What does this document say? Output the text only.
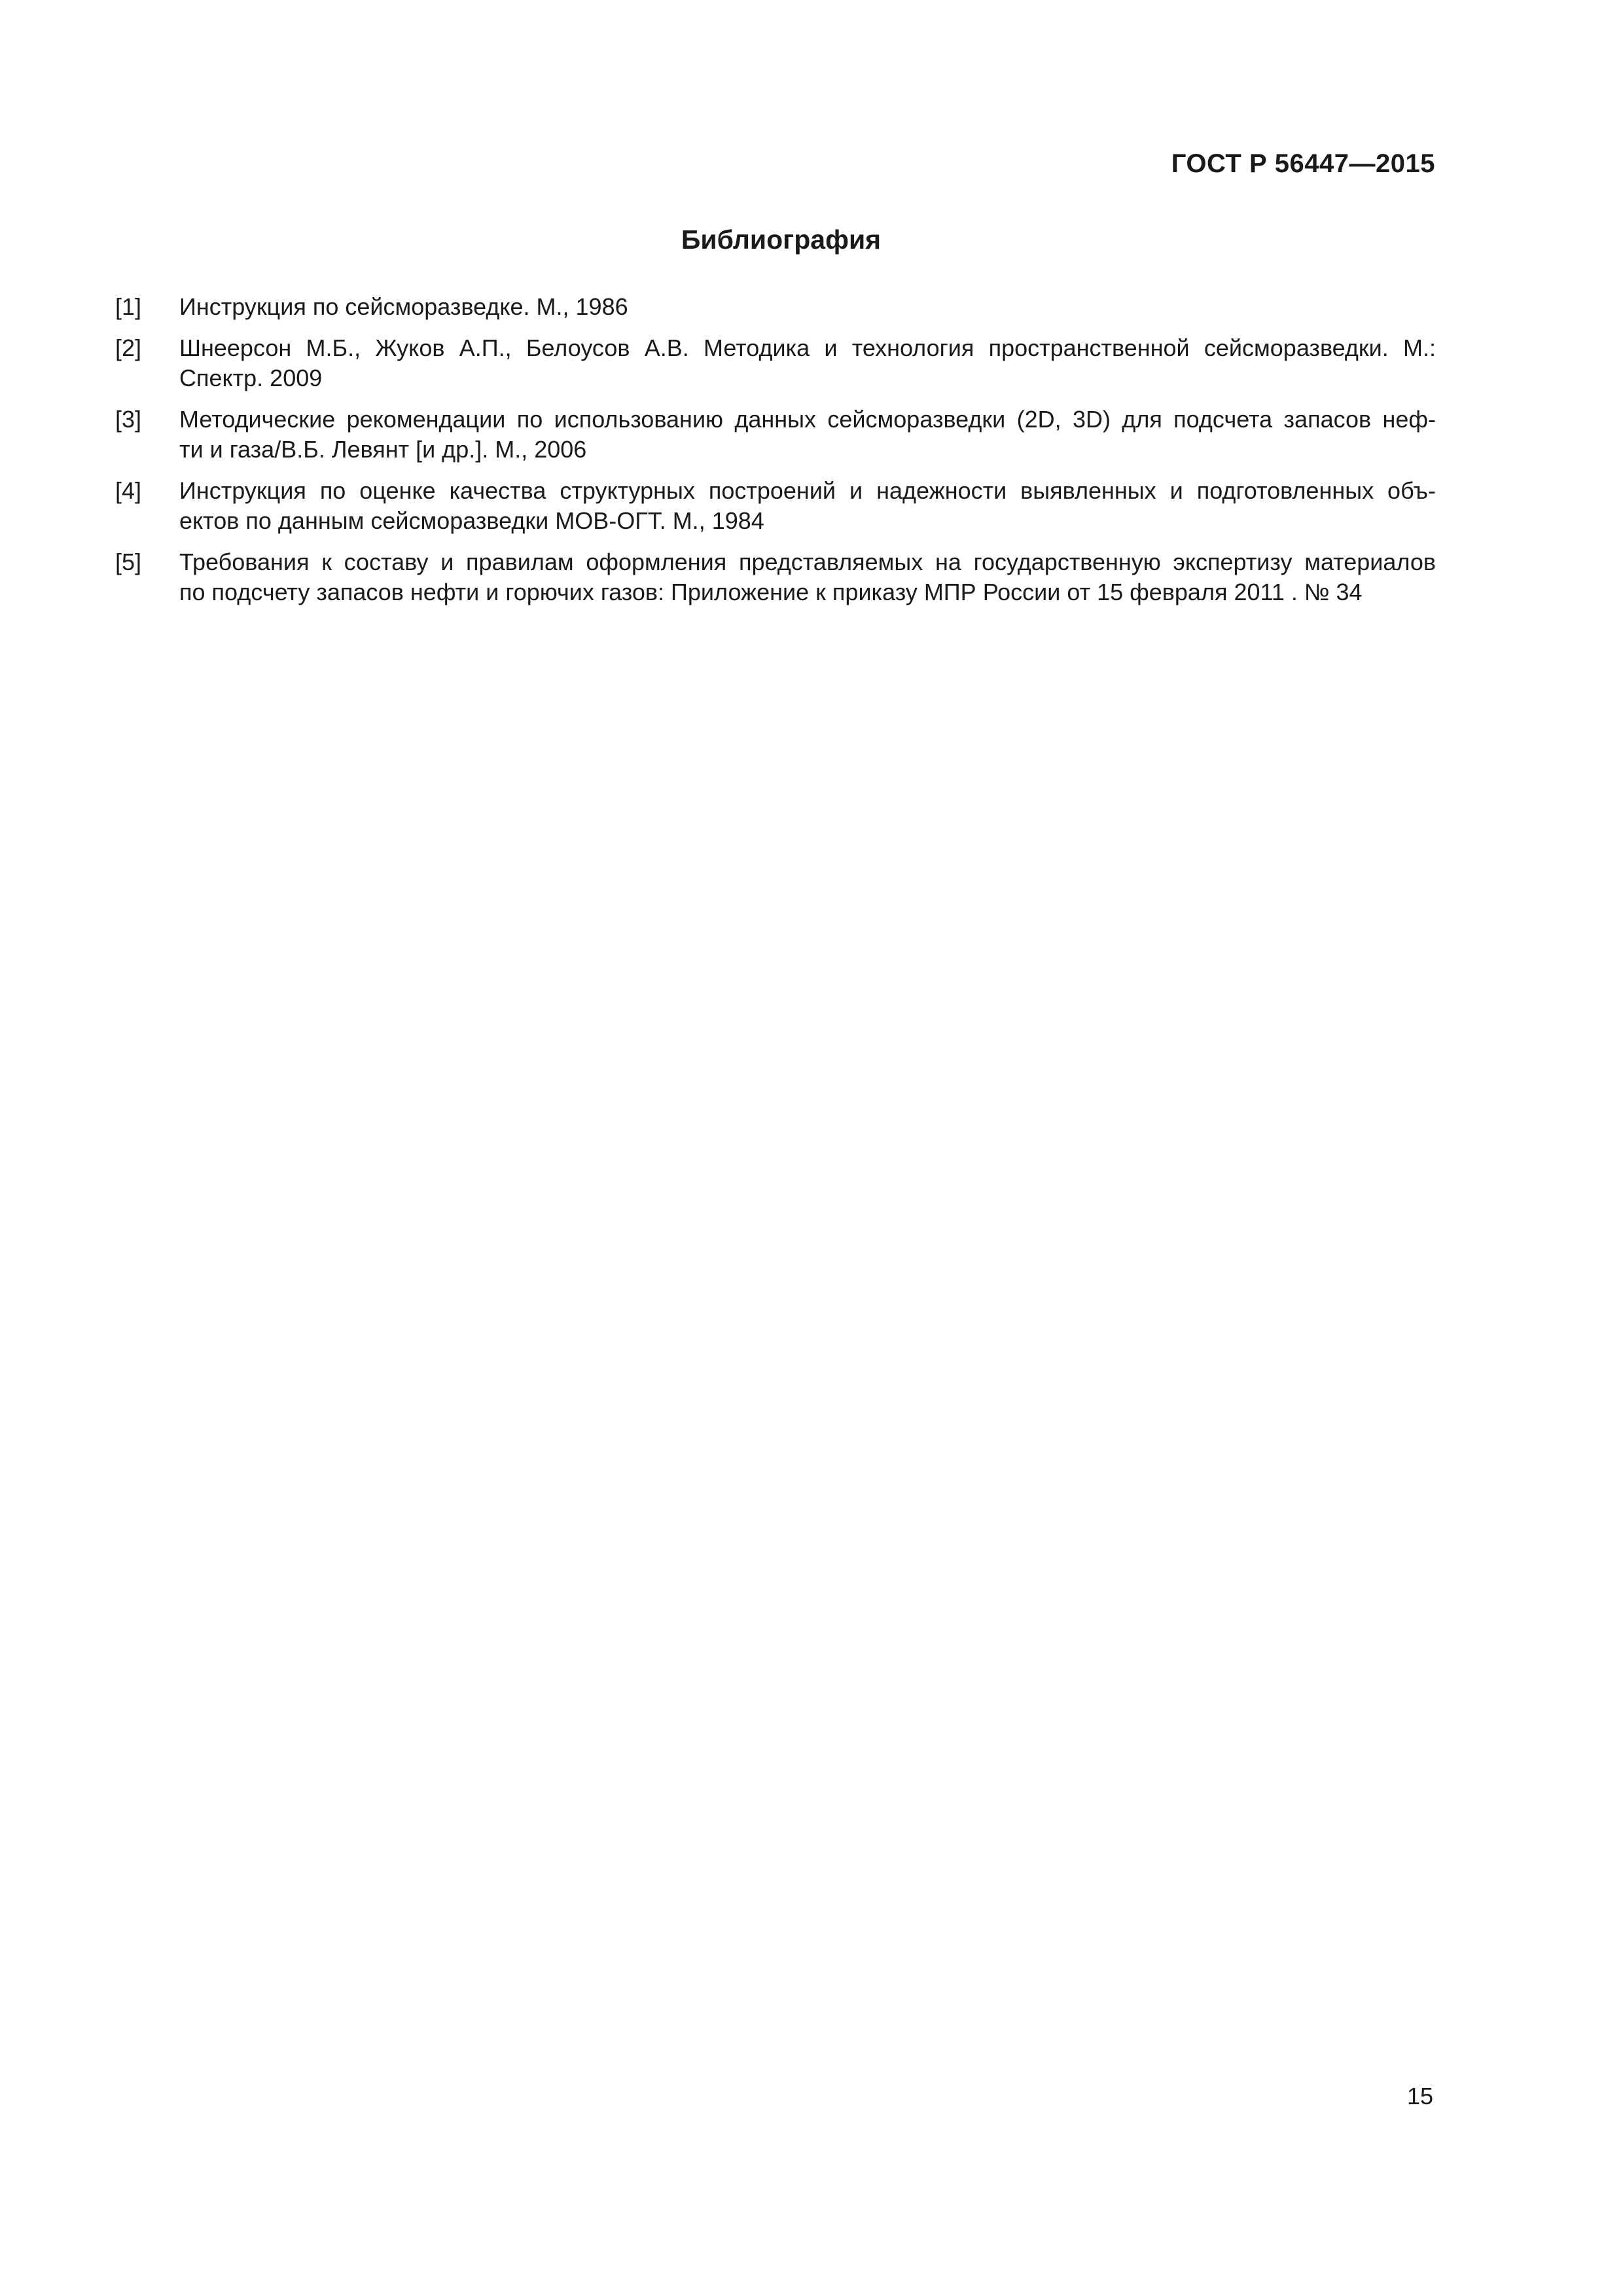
ГОСТ Р 56447—2015
Библиография
[1]	Инструкция по сейсморазведке. М., 1986
[2]	Шнеерсон М.Б., Жуков А.П., Белоусов А.В. Методика и технология пространственной сейсморазведки. М.:
Спектр. 2009
[3]	Методические рекомендации по использованию данных сейсморазведки (2D, 3D) для подсчета запасов неф-
ти и газа/В.Б. Левянт [и др.]. М., 2006
[4]	Инструкция по оценке качества структурных построений и надежности выявленных и подготовленных объ-
ектов по данным сейсморазведки МОВ-ОГТ. М., 1984
[5]	Требования к составу и правилам оформления представляемых на государственную экспертизу материалов
по подсчету запасов нефти и горючих газов: Приложение к приказу МПР России от 15 февраля 2011 . № 34
15
